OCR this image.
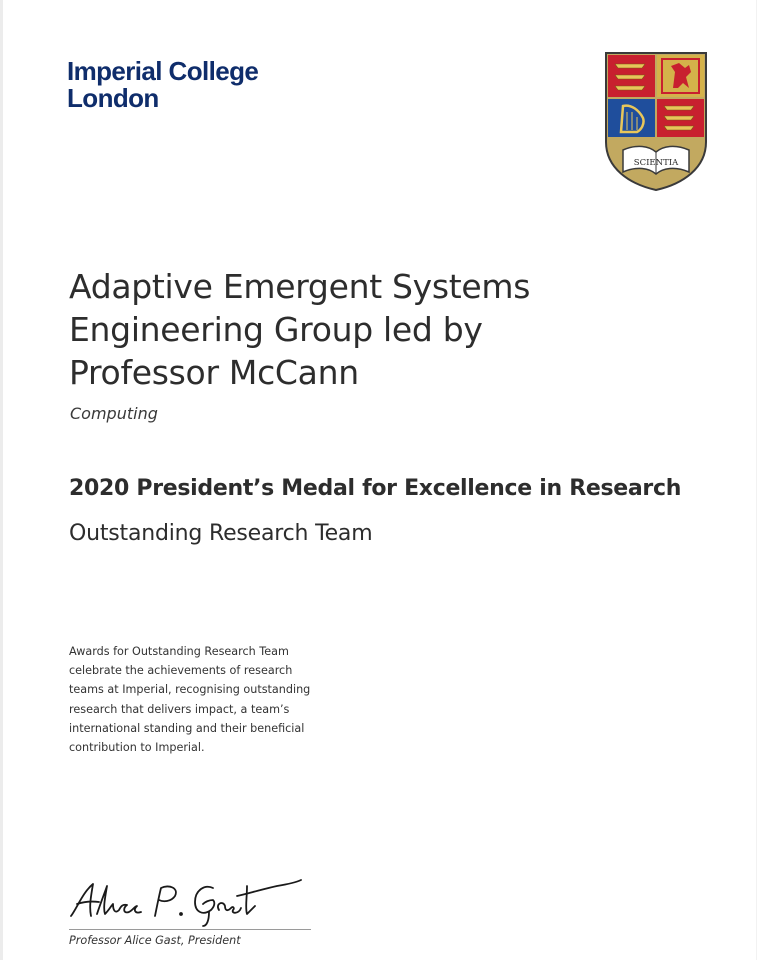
Imperial College
London
SCIENTIA
Adaptive Emergent Systems
Engineering Group led by
Professor McCann
Computing
2020 President’s Medal for Excellence in Research
Outstanding Research Team
Awards for Outstanding Research Team
celebrate the achievements of research
teams at Imperial, recognising outstanding
research that delivers impact, a team’s
international standing and their beneficial
contribution to Imperial.
Professor Alice Gast, President
